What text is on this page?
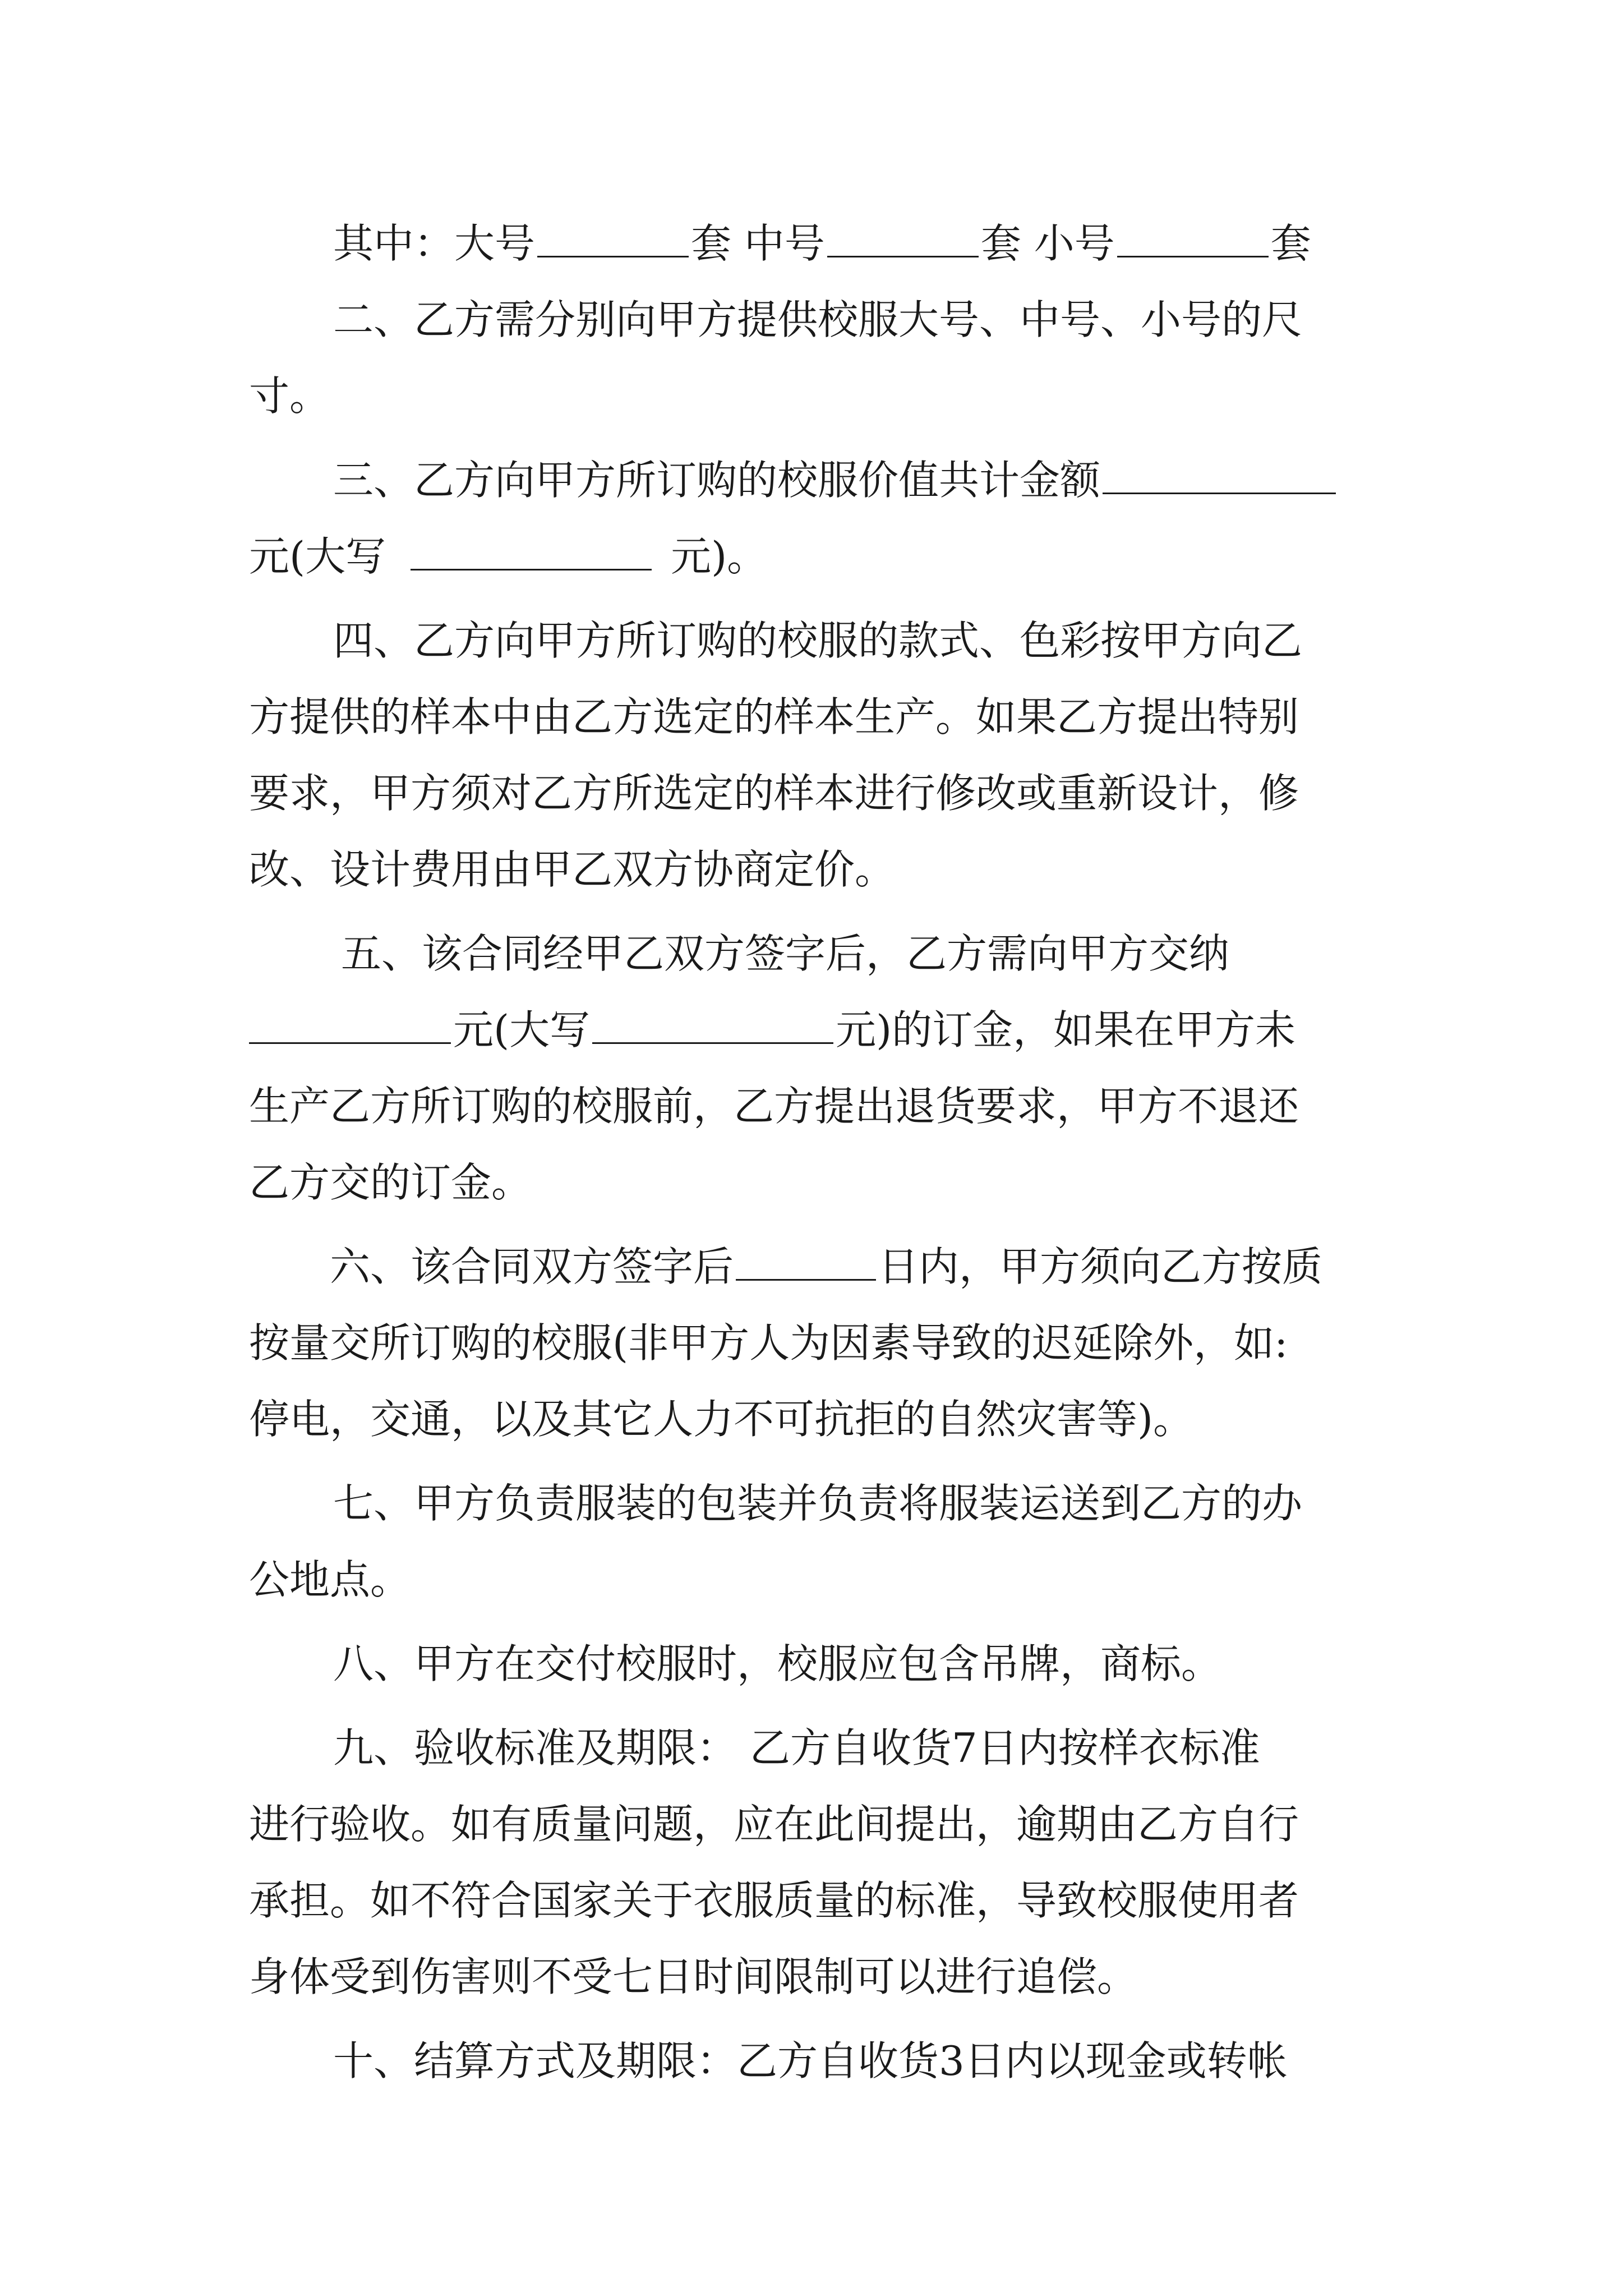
其中：大号	套 中号	套 小号	套
二、乙方需分别向甲方提供校服大号、中号、小号的尺
寸。
三、乙方向甲方所订购的校服价值共计金额
元(大写	元)。
四、乙方向甲方所订购的校服的款式、色彩按甲方向乙
方提供的样本中由乙方选定的样本生产。如果乙方提出特别
要求，甲方须对乙方所选定的样本进行修改或重新设计，修
改、设计费用由甲乙双方协商定价。
五、该合同经甲乙双方签字后，乙方需向甲方交纳
元(大写	元)的订金，如果在甲方未
生产乙方所订购的校服前，乙方提出退货要求，甲方不退还
乙方交的订金。
六、该合同双方签字后	日内，甲方须向乙方按质
按量交所订购的校服(非甲方人为因素导致的迟延除外，如:
停电，交通，以及其它人力不可抗拒的自然灾害等)。
七、甲方负责服装的包装并负责将服装运送到乙方的办
公地点。
八、甲方在交付校服时，校服应包含吊牌，商标。
九、验收标准及期限： 乙方自收货7日内按样衣标准
进行验收。如有质量问题，应在此间提出，逾期由乙方自行
承担。如不符合国家关于衣服质量的标准，导致校服使用者
身体受到伤害则不受七日时间限制可以进行追偿。
十、结算方式及期限：乙方自收货3日内以现金或转帐
